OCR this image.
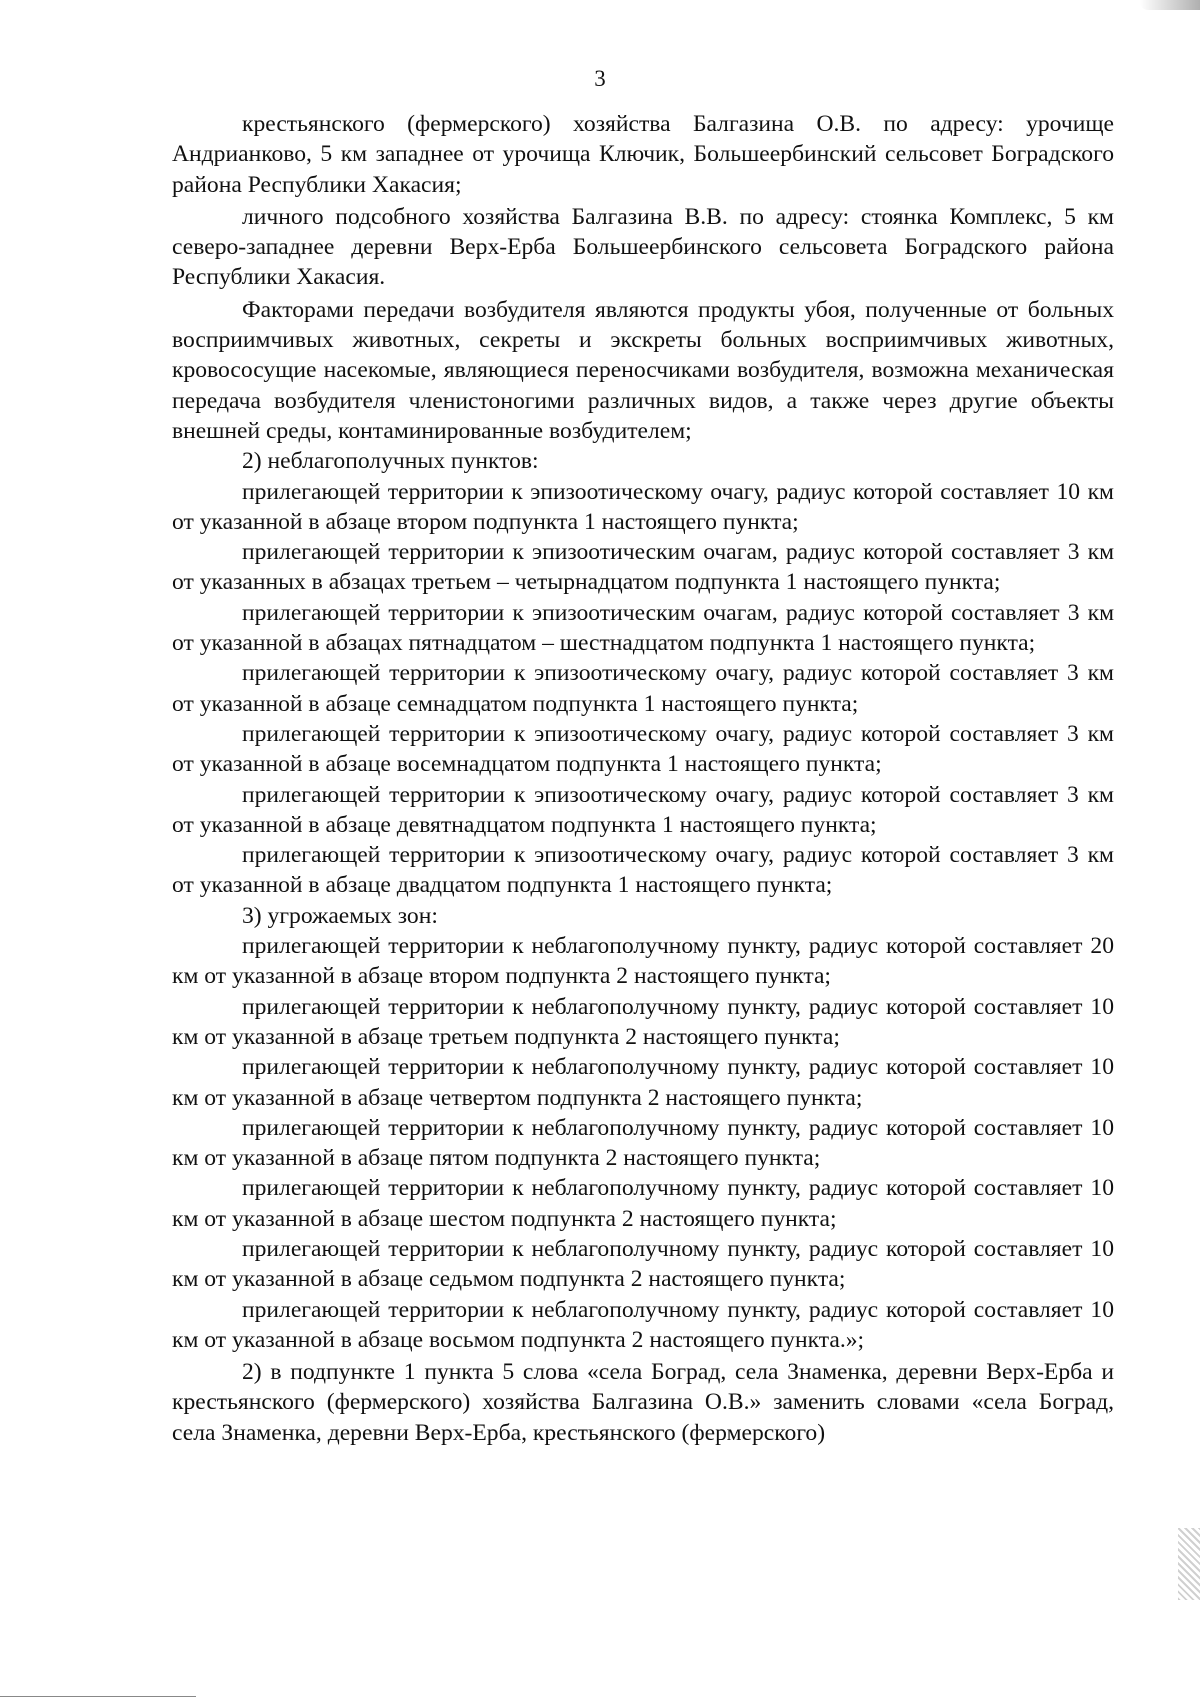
3

крестьянского (фермерского) хозяйства Балгазина О.В. по адресу: урочище Андрианково, 5 км западнее от урочища Ключик, Большеербинский сельсовет Боградского района Республики Хакасия;

личного подсобного хозяйства Балгазина В.В. по адресу: стоянка Комплекс, 5 км северо-западнее деревни Верх-Ерба Большеербинского сельсовета Боградского района Республики Хакасия.

Факторами передачи возбудителя являются продукты убоя, полученные от больных восприимчивых животных, секреты и экскреты больных восприимчивых животных, кровососущие насекомые, являющиеся переносчиками возбудителя, возможна механическая передача возбудителя членистоногими различных видов, а также через другие объекты внешней среды, контаминированные возбудителем;

2) неблагополучных пунктов:

прилегающей территории к эпизоотическому очагу, радиус которой составляет 10 км от указанной в абзаце втором подпункта 1 настоящего пункта;

прилегающей территории к эпизоотическим очагам, радиус которой составляет 3 км от указанных в абзацах третьем – четырнадцатом подпункта 1 настоящего пункта;

прилегающей территории к эпизоотическим очагам, радиус которой составляет 3 км от указанной в абзацах пятнадцатом – шестнадцатом подпункта 1 настоящего пункта;

прилегающей территории к эпизоотическому очагу, радиус которой составляет 3 км от указанной в абзаце семнадцатом подпункта 1 настоящего пункта;

прилегающей территории к эпизоотическому очагу, радиус которой составляет 3 км от указанной в абзаце восемнадцатом подпункта 1 настоящего пункта;

прилегающей территории к эпизоотическому очагу, радиус которой составляет 3 км от указанной в абзаце девятнадцатом подпункта 1 настоящего пункта;

прилегающей территории к эпизоотическому очагу, радиус которой составляет 3 км от указанной в абзаце двадцатом подпункта 1 настоящего пункта;

3) угрожаемых зон:

прилегающей территории к неблагополучному пункту, радиус которой составляет 20 км от указанной в абзаце втором подпункта 2 настоящего пункта;

прилегающей территории к неблагополучному пункту, радиус которой составляет 10 км от указанной в абзаце третьем подпункта 2 настоящего пункта;

прилегающей территории к неблагополучному пункту, радиус которой составляет 10 км от указанной в абзаце четвертом подпункта 2 настоящего пункта;

прилегающей территории к неблагополучному пункту, радиус которой составляет 10 км от указанной в абзаце пятом подпункта 2 настоящего пункта;

прилегающей территории к неблагополучному пункту, радиус которой составляет 10 км от указанной в абзаце шестом подпункта 2 настоящего пункта;

прилегающей территории к неблагополучному пункту, радиус которой составляет 10 км от указанной в абзаце седьмом подпункта 2 настоящего пункта;

прилегающей территории к неблагополучному пункту, радиус которой составляет 10 км от указанной в абзаце восьмом подпункта 2 настоящего пункта.»;

2) в подпункте 1 пункта 5 слова «села Боград, села Знаменка, деревни Верх-Ерба и крестьянского (фермерского) хозяйства Балгазина О.В.» заменить словами «села Боград, села Знаменка, деревни Верх-Ерба, крестьянского (фермерского)
